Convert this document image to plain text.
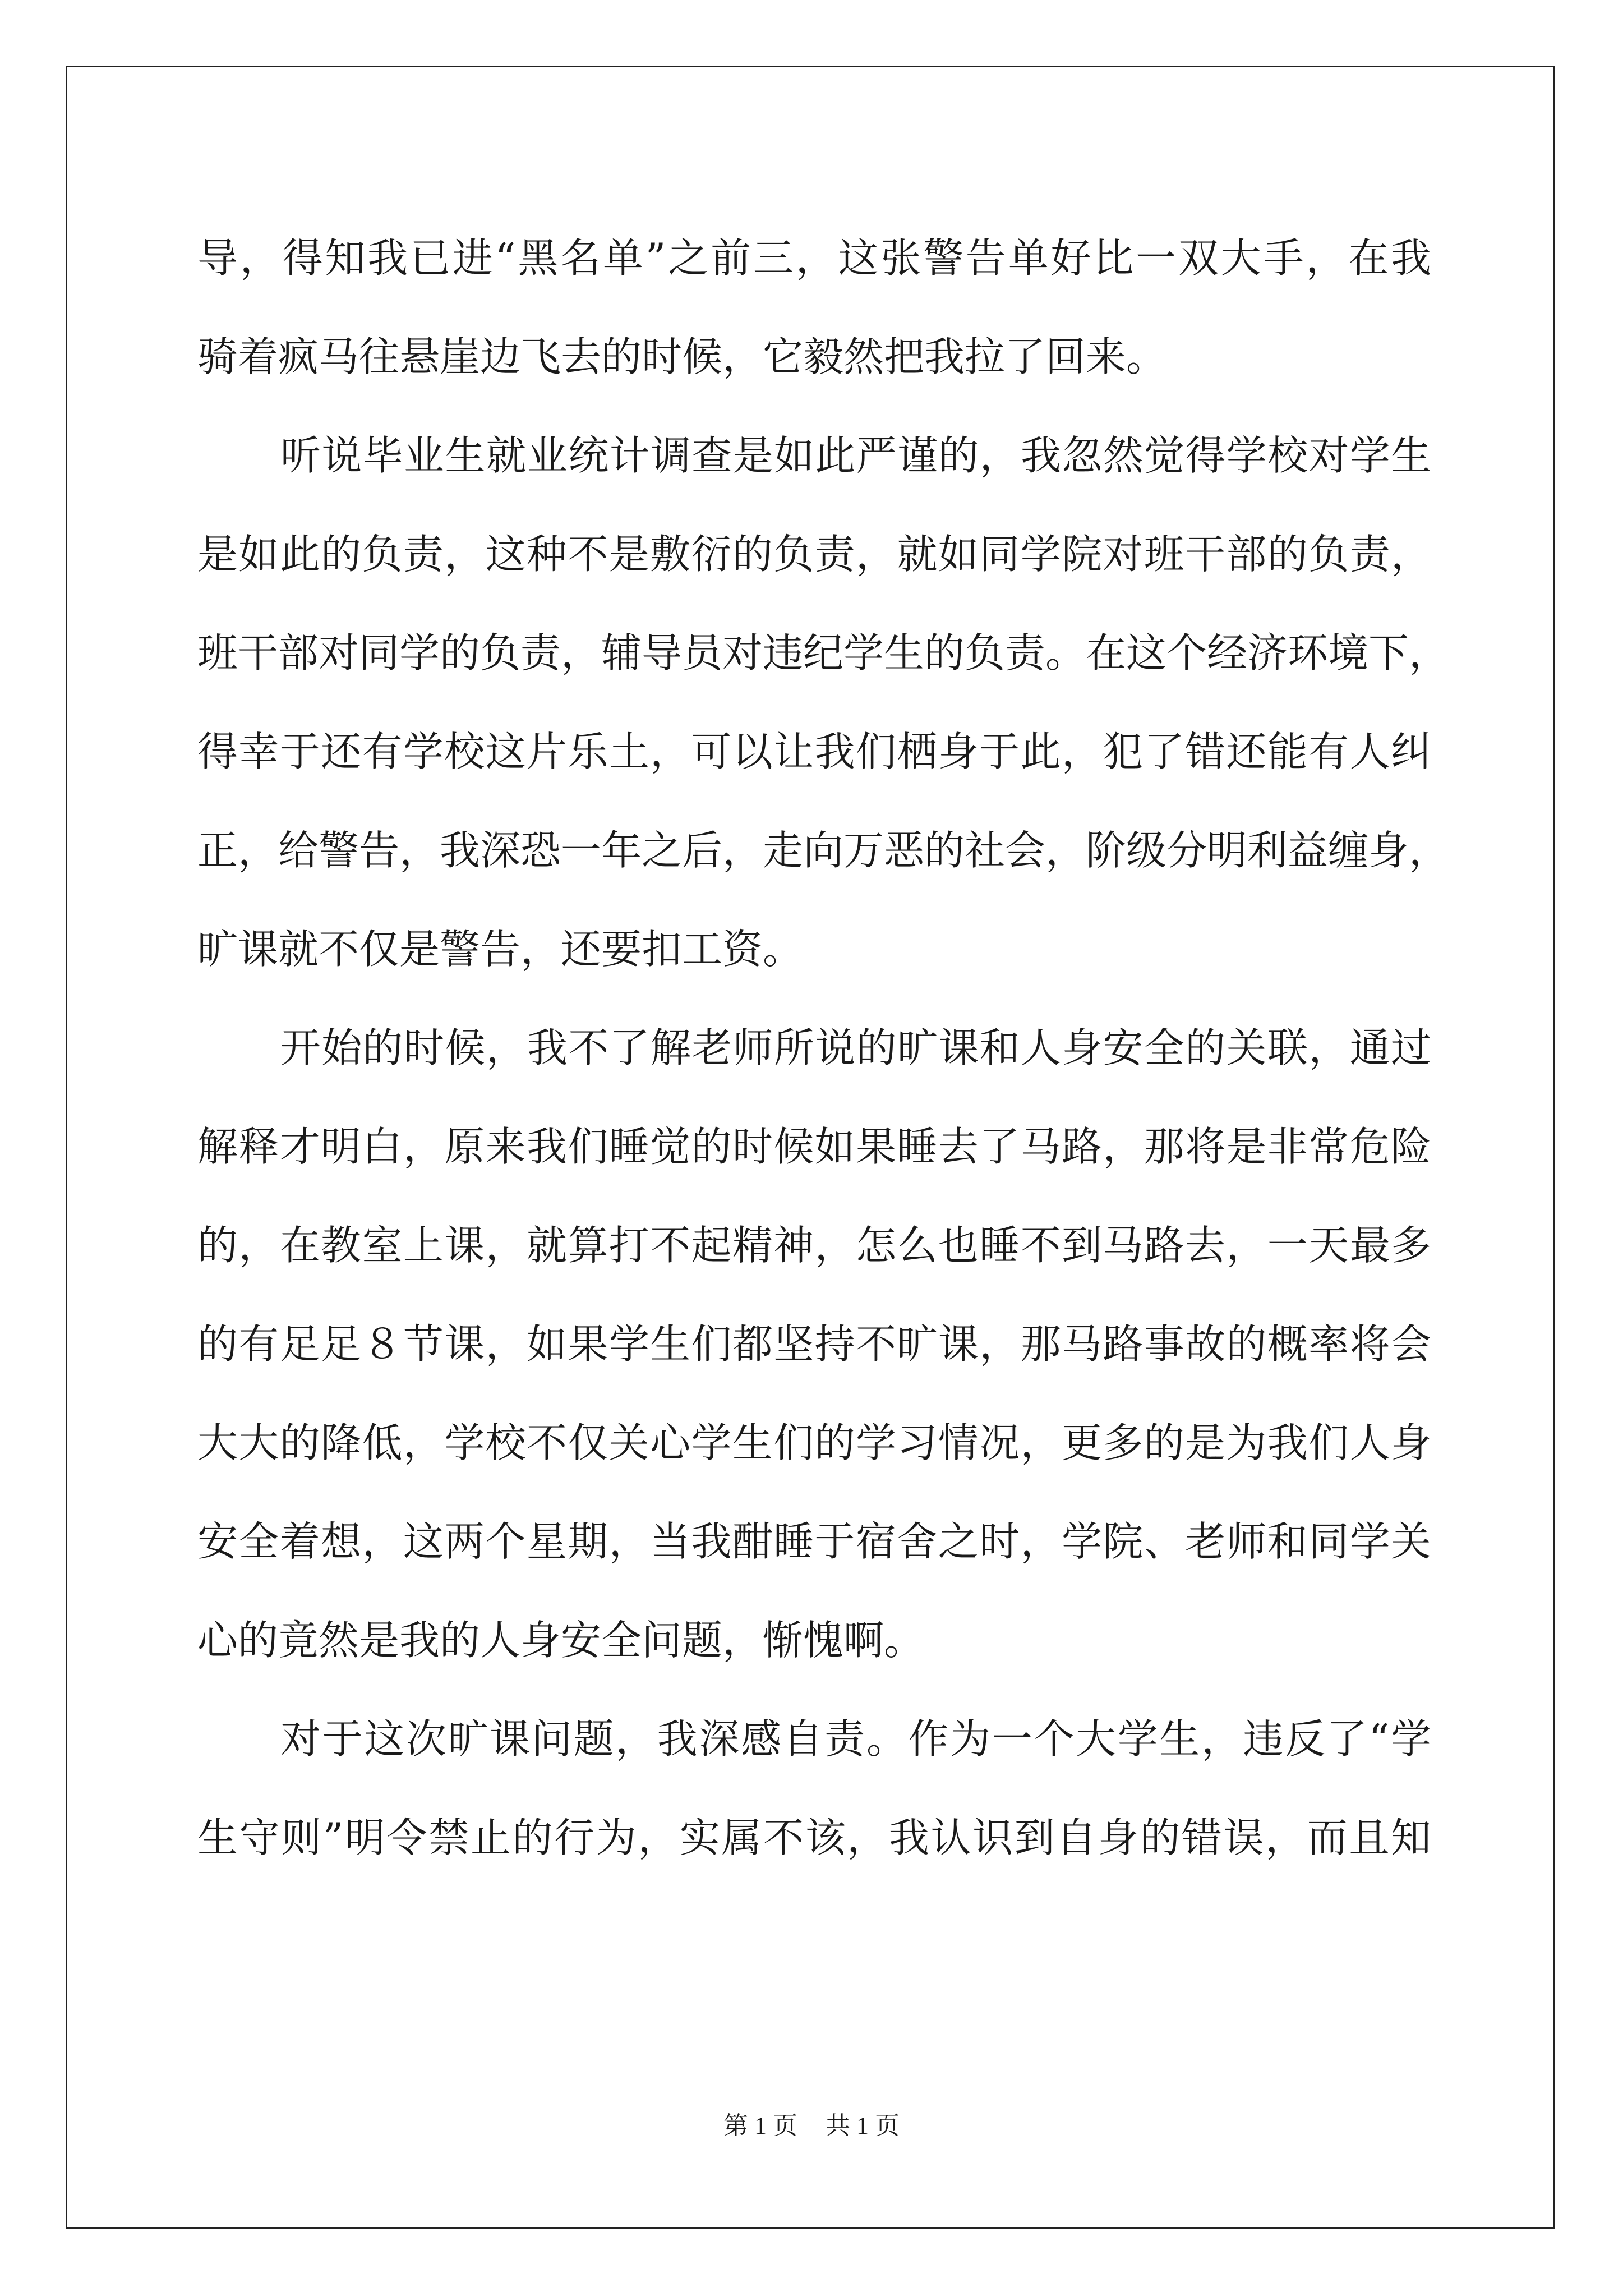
导，得知我已进“黑名单”之前三，这张警告单好比一双大手，在我
骑着疯马往悬崖边飞去的时候，它毅然把我拉了回来。
听说毕业生就业统计调查是如此严谨的，我忽然觉得学校对学生
是如此的负责，这种不是敷衍的负责，就如同学院对班干部的负责，
班干部对同学的负责，辅导员对违纪学生的负责。在这个经济环境下，
得幸于还有学校这片乐土，可以让我们栖身于此，犯了错还能有人纠
正，给警告，我深恐一年之后，走向万恶的社会，阶级分明利益缠身，
旷课就不仅是警告，还要扣工资。
开始的时候，我不了解老师所说的旷课和人身安全的关联，通过
解释才明白，原来我们睡觉的时候如果睡去了马路，那将是非常危险
的，在教室上课，就算打不起精神，怎么也睡不到马路去，一天最多
的有足足８节课，如果学生们都坚持不旷课，那马路事故的概率将会
大大的降低，学校不仅关心学生们的学习情况，更多的是为我们人身
安全着想，这两个星期，当我酣睡于宿舍之时，学院、老师和同学关
心的竟然是我的人身安全问题，惭愧啊。
对于这次旷课问题，我深感自责。作为一个大学生，违反了“学
生守则”明令禁止的行为，实属不该，我认识到自身的错误，而且知
第 1 页 共 1 页
